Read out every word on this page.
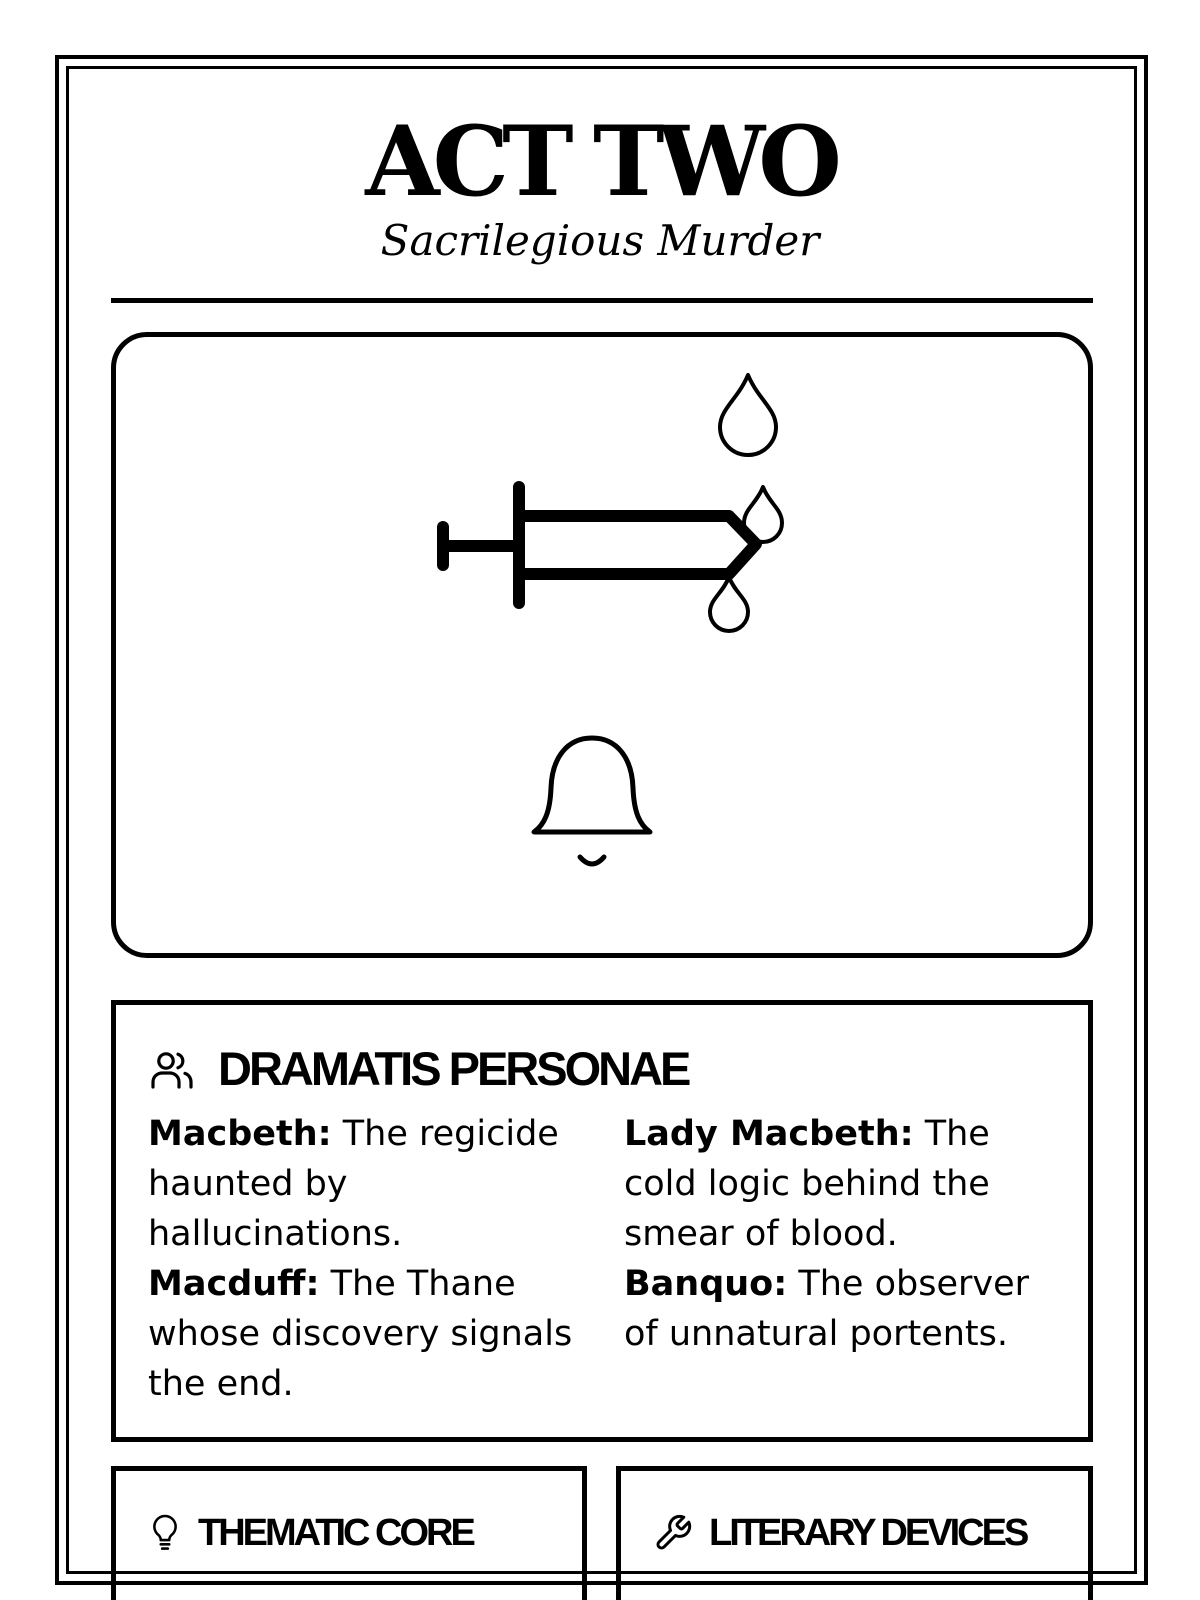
ACT TWO

Sacrilegious Murder

DRAMATIS PERSONAE

Macbeth: The regicide haunted by hallucinations.

Macduff: The Thane whose discovery signals the end.

Lady Macbeth: The cold logic behind the smear of blood.

Banquo: The observer of unnatural portents.

THEMATIC CORE	LITERARY DEVICES
